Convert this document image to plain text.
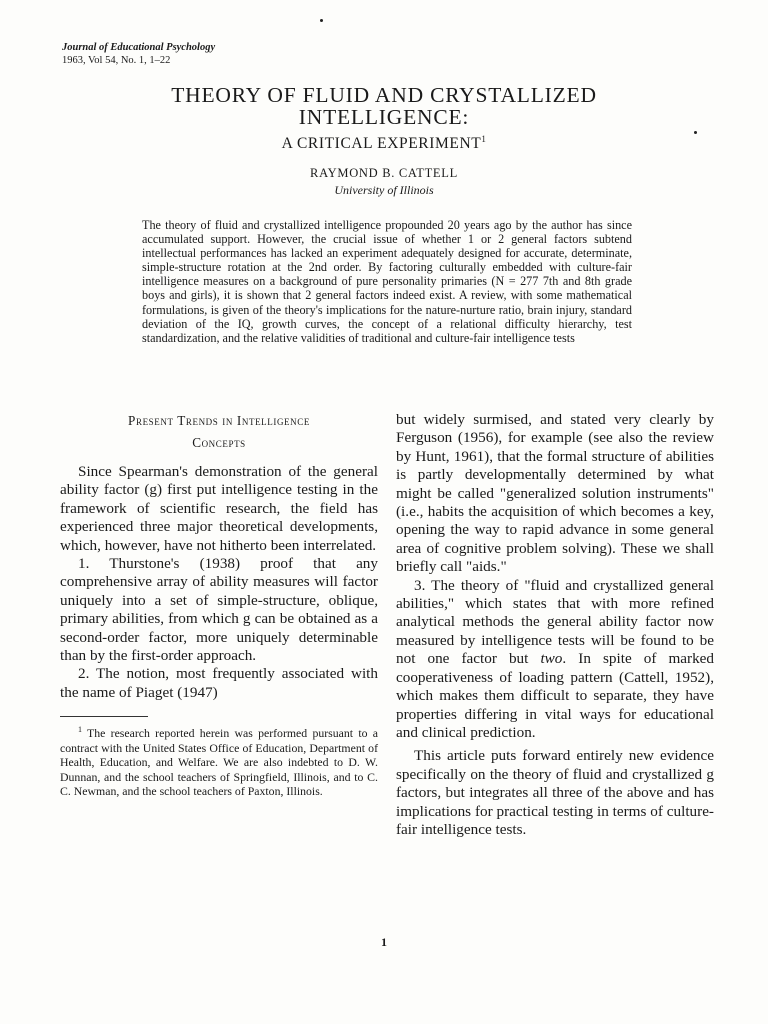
Journal of Educational Psychology
1963, Vol 54, No. 1, 1–22
THEORY OF FLUID AND CRYSTALLIZED
INTELLIGENCE:
A CRITICAL EXPERIMENT$^1$
RAYMOND B. CATTELL
University of Illinois

The theory of fluid and crystallized intelligence propounded 20 years ago by the author has since accumulated support. However, the crucial issue of whether 1 or 2 general factors subtend intellectual performances has lacked an experiment adequately designed for accurate, determinate, simple-structure rotation at the 2nd order. By factoring culturally embedded with culture-fair intelligence measures on a background of pure personality primaries (N = 277 7th and 8th grade boys and girls), it is shown that 2 general factors indeed exist. A review, with some mathematical formulations, is given of the theory's implications for the nature-nurture ratio, brain injury, standard deviation of the IQ, growth curves, the concept of a relational difficulty hierarchy, test standardization, and the relative validities of traditional and culture-fair intelligence tests

Present Trends in Intelligence
Concepts

Since Spearman's demonstration of the general ability factor (g) first put intelligence testing in the framework of scientific research, the field has experienced three major theoretical developments, which, however, have not hitherto been interrelated.

1. Thurstone's (1938) proof that any comprehensive array of ability measures will factor uniquely into a set of simple-structure, oblique, primary abilities, from which g can be obtained as a second-order factor, more uniquely determinable than by the first-order approach.

2. The notion, most frequently associated with the name of Piaget (1947)

$^1$ The research reported herein was performed pursuant to a contract with the United States Office of Education, Department of Health, Education, and Welfare. We are also indebted to D. W. Dunnan, and the school teachers of Springfield, Illinois, and to C. C. Newman, and the school teachers of Paxton, Illinois.

but widely surmised, and stated very clearly by Ferguson (1956), for example (see also the review by Hunt, 1961), that the formal structure of abilities is partly developmentally determined by what might be called "generalized solution instruments" (i.e., habits the acquisition of which becomes a key, opening the way to rapid advance in some general area of cognitive problem solving). These we shall briefly call "aids."

3. The theory of "fluid and crystallized general abilities," which states that with more refined analytical methods the general ability factor now measured by intelligence tests will be found to be not one factor but two. In spite of marked cooperativeness of loading pattern (Cattell, 1952), which makes them difficult to separate, they have properties differing in vital ways for educational and clinical prediction.

This article puts forward entirely new evidence specifically on the theory of fluid and crystallized g factors, but integrates all three of the above and has implications for practical testing in terms of culture-fair intelligence tests.

1
